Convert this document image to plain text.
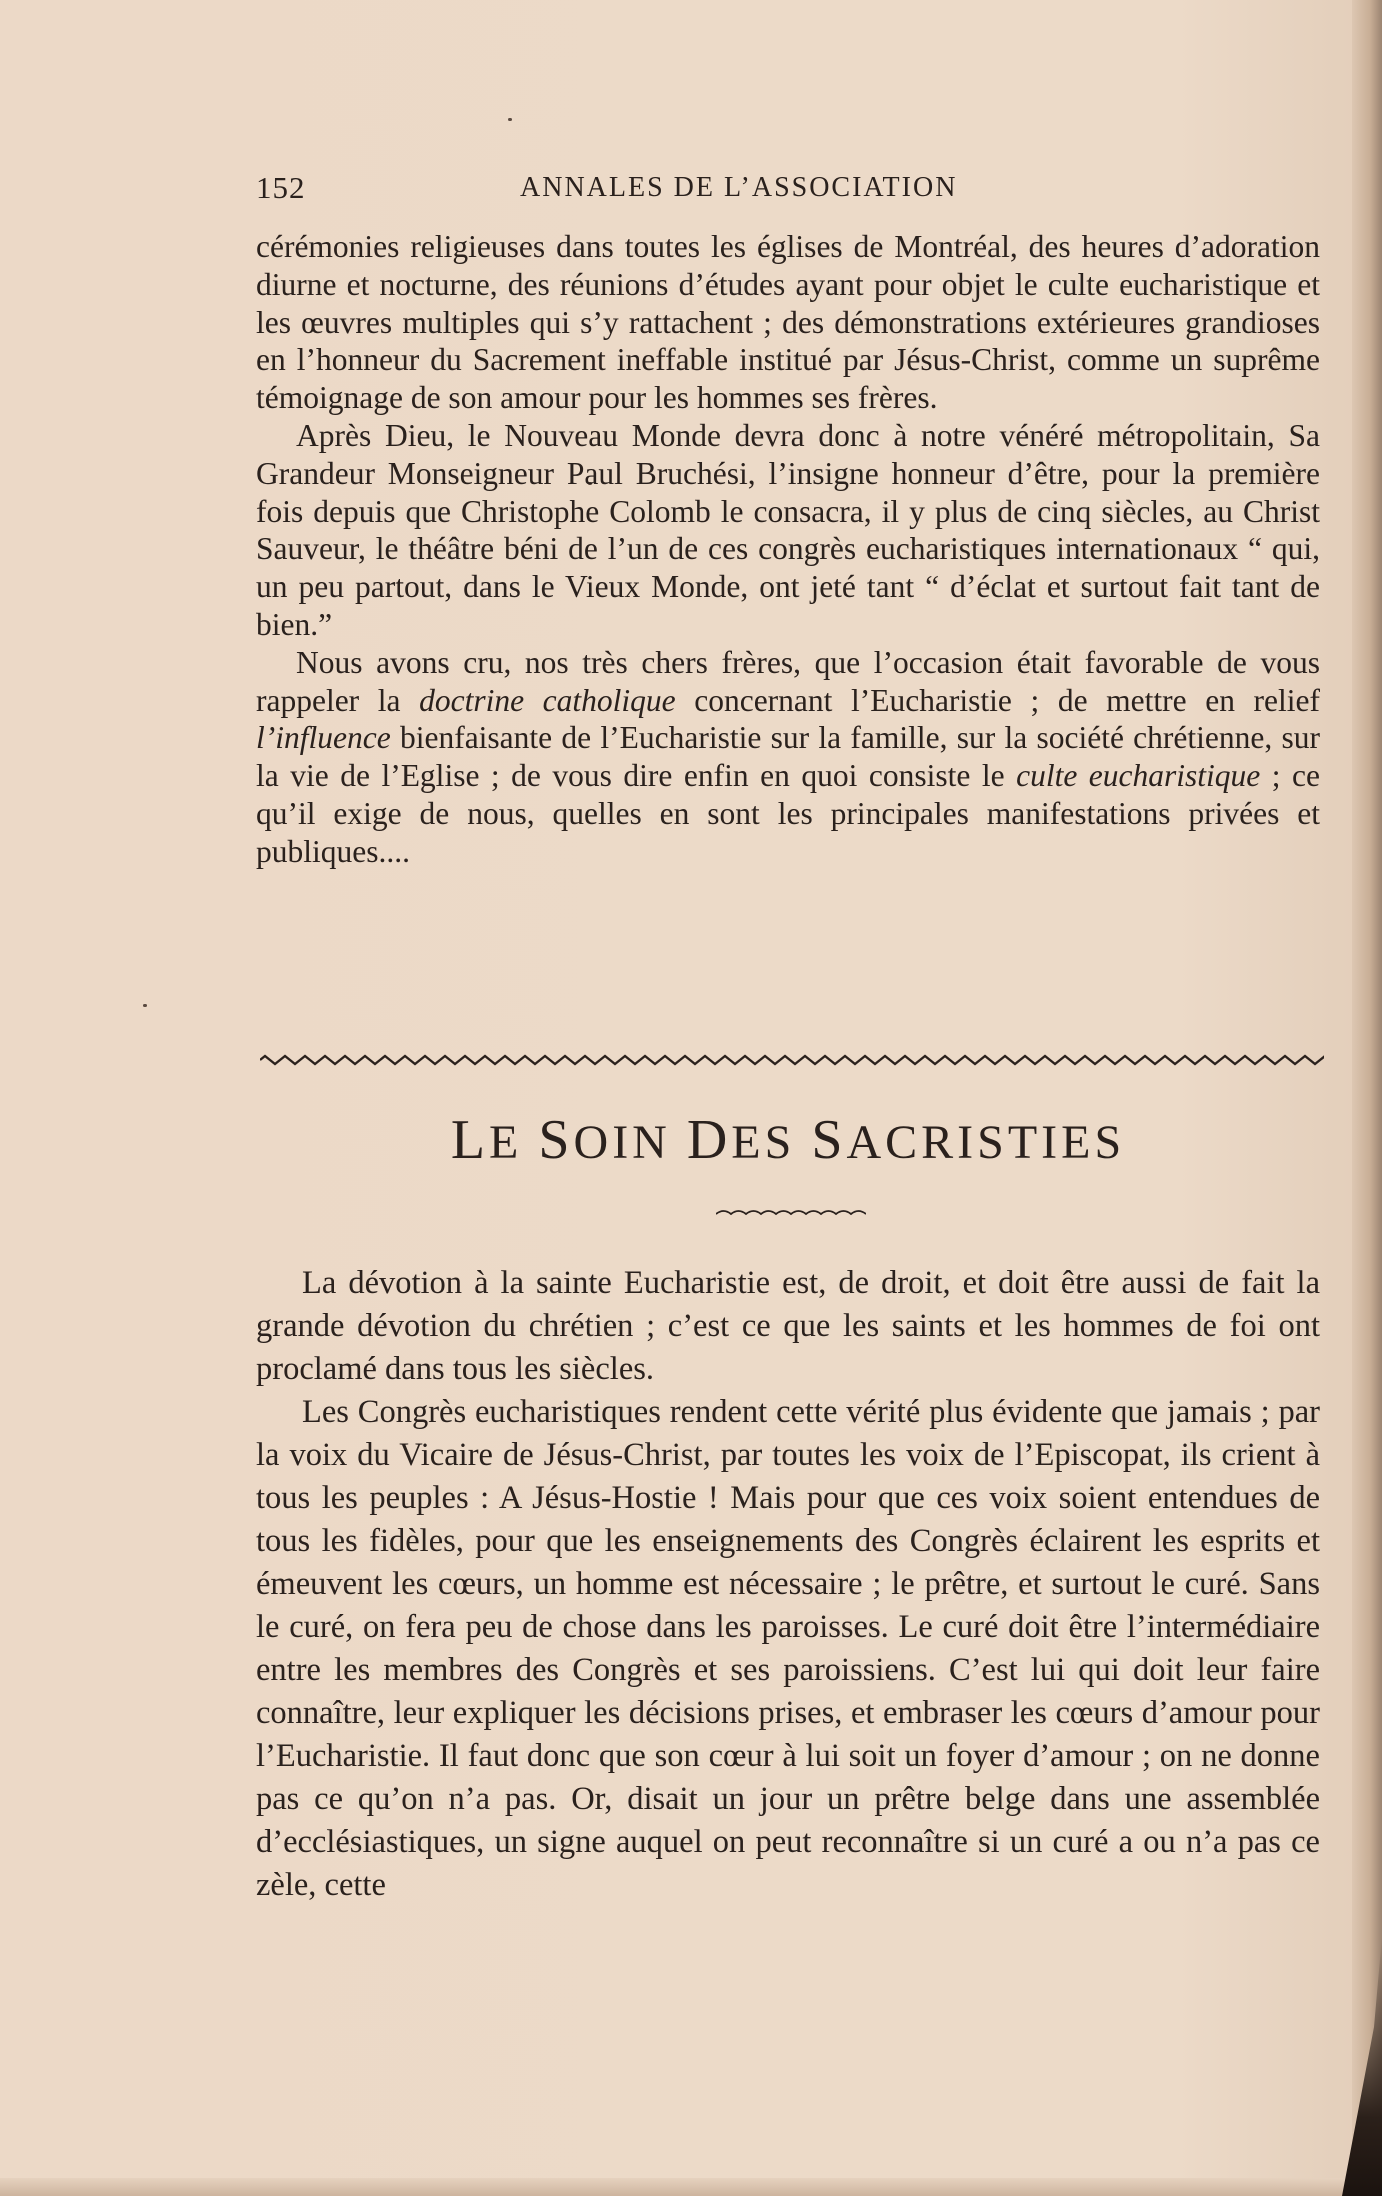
152	ANNALES DE L’ASSOCIATION

cérémonies religieuses dans toutes les églises de Montréal, des heures d’adoration diurne et nocturne, des réunions d’études ayant pour objet le culte eucharistique et les œuvres multiples qui s’y rattachent ; des démonstrations extérieures grandioses en l’honneur du Sacrement ineffable institué par Jésus-Christ, comme un suprême témoignage de son amour pour les hommes ses frères.

Après Dieu, le Nouveau Monde devra donc à notre vénéré métropolitain, Sa Grandeur Monseigneur Paul Bruchési, l’insigne honneur d’être, pour la première fois depuis que Christophe Colomb le consacra, il y plus de cinq siècles, au Christ Sauveur, le théâtre béni de l’un de ces congrès eucharistiques internationaux “ qui, un peu partout, dans le Vieux Monde, ont jeté tant “ d’éclat et surtout fait tant de bien.”

Nous avons cru, nos très chers frères, que l’occasion était favorable de vous rappeler la doctrine catholique concernant l’Eucharistie ; de mettre en relief l’influence bienfaisante de l’Eucharistie sur la famille, sur la société chrétienne, sur la vie de l’Eglise ; de vous dire enfin en quoi consiste le culte eucharistique ; ce qu’il exige de nous, quelles en sont les principales manifestations privées et publiques....

LE SOIN DES SACRISTIES

La dévotion à la sainte Eucharistie est, de droit, et doit être aussi de fait la grande dévotion du chrétien ; c’est ce que les saints et les hommes de foi ont proclamé dans tous les siècles.

Les Congrès eucharistiques rendent cette vérité plus évidente que jamais ; par la voix du Vicaire de Jésus-Christ, par toutes les voix de l’Episcopat, ils crient à tous les peuples : A Jésus-Hostie ! Mais pour que ces voix soient entendues de tous les fidèles, pour que les enseignements des Congrès éclairent les esprits et émeuvent les cœurs, un homme est nécessaire ; le prêtre, et surtout le curé. Sans le curé, on fera peu de chose dans les paroisses. Le curé doit être l’intermédiaire entre les membres des Congrès et ses paroissiens. C’est lui qui doit leur faire connaître, leur expliquer les décisions prises, et embraser les cœurs d’amour pour l’Eucharistie. Il faut donc que son cœur à lui soit un foyer d’amour ; on ne donne pas ce qu’on n’a pas. Or, disait un jour un prêtre belge dans une assemblée d’ecclésiastiques, un signe auquel on peut reconnaître si un curé a ou n’a pas ce zèle, cette
